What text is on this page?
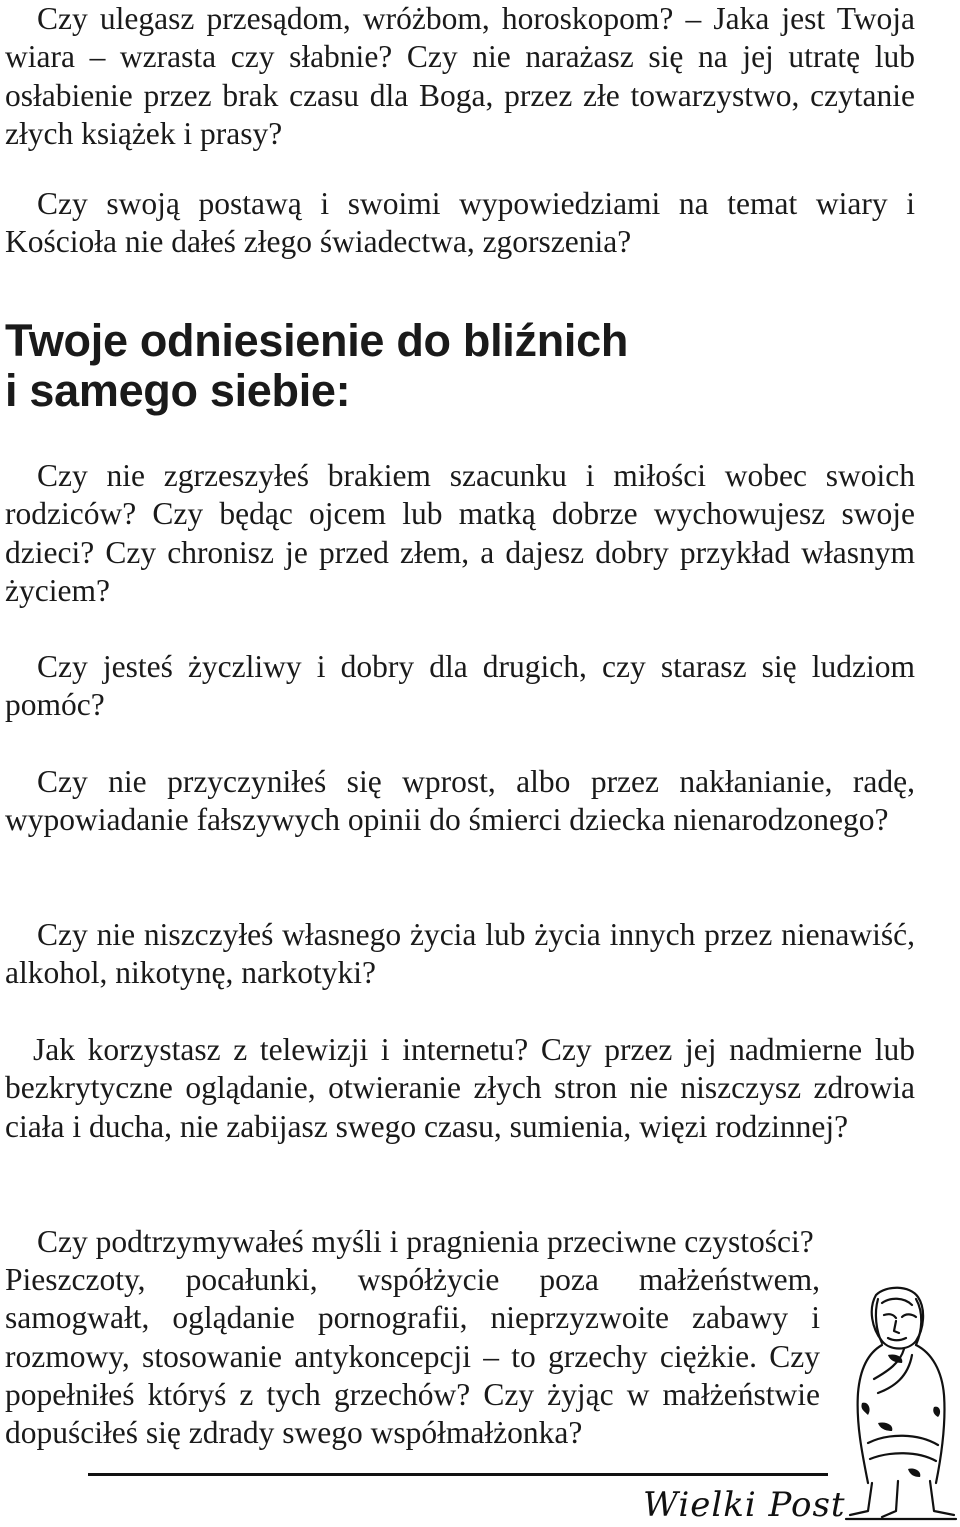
Czy ulegasz przesądom, wróżbom, horoskopom? – Jaka jest Twoja wiara – wzrasta czy słabnie? Czy nie narażasz się na jej utratę lub osłabienie przez brak czasu dla Boga, przez złe towarzystwo, czytanie złych książek i prasy?

Czy swoją postawą i swoimi wypowiedziami na temat wiary i Kościoła nie dałeś złego świadectwa, zgorszenia?

Twoje odniesienie do bliźnich
i samego siebie:

Czy nie zgrzeszyłeś brakiem szacunku i miłości wobec swoich rodziców? Czy będąc ojcem lub matką dobrze wychowujesz swoje dzieci? Czy chronisz je przed złem, a dajesz dobry przykład własnym życiem?

Czy jesteś życzliwy i dobry dla drugich, czy starasz się ludziom pomóc?

Czy nie przyczyniłeś się wprost, albo przez nakłanianie, radę, wypowiadanie fałszywych opinii do śmierci dziecka nienarodzonego?

Czy nie niszczyłeś własnego życia lub życia innych przez nienawiść, alkohol, nikotynę, narkotyki?

Jak korzystasz z telewizji i internetu? Czy przez jej nadmierne lub bezkrytyczne oglądanie, otwieranie złych stron nie niszczysz zdrowia ciała i ducha, nie zabijasz swego czasu, sumienia, więzi rodzinnej?

Czy podtrzymywałeś myśli i pragnienia przeciwne czystości?

Pieszczoty, pocałunki, współżycie poza małżeństwem, samogwałt, oglądanie pornografii, nieprzyzwoite zabawy i rozmowy, stosowanie antykoncepcji – to grzechy ciężkie. Czy popełniłeś któryś z tych grzechów? Czy żyjąc w małżeństwie dopuściłeś się zdrady swego współmałżonka?

Wielki Post
